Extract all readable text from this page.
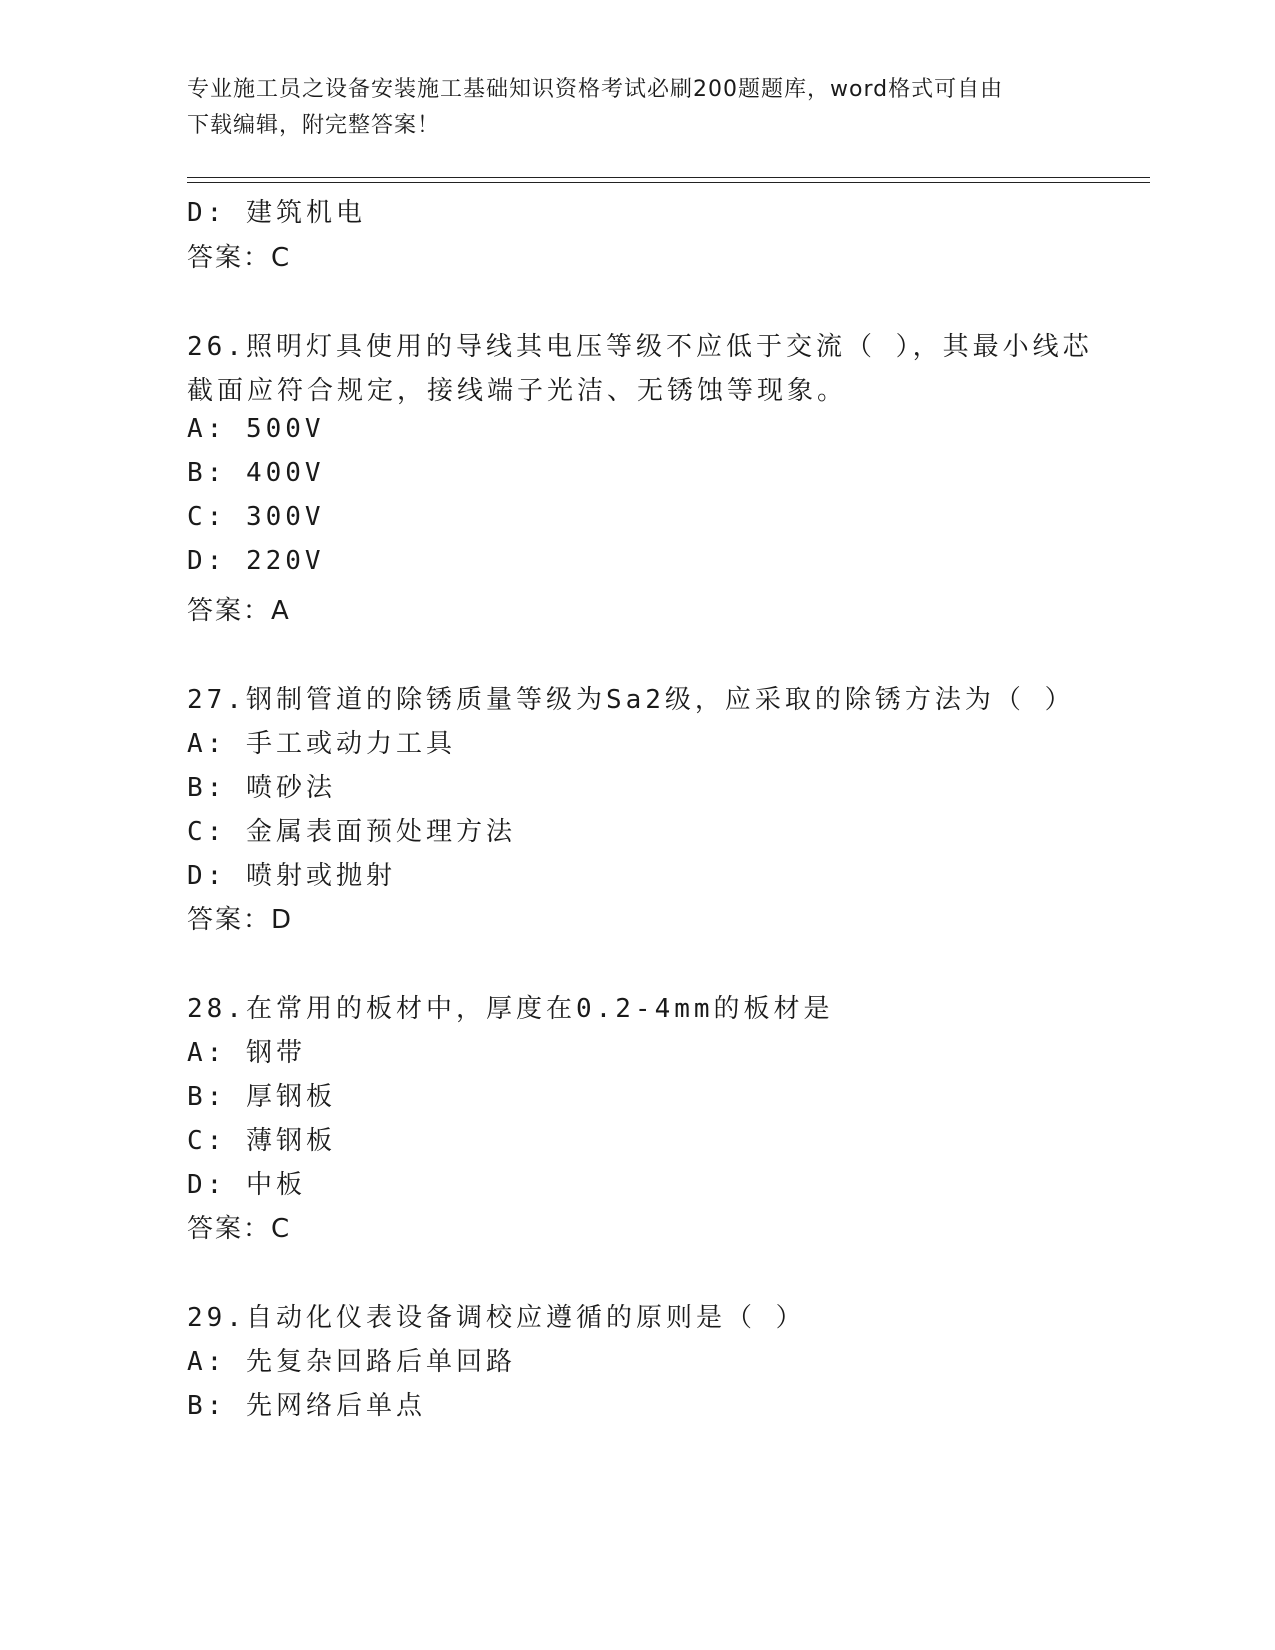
专业施工员之设备安装施工基础知识资格考试必刷200题题库，word格式可自由
下载编辑，附完整答案！
D: 建筑机电
答案：C
26.照明灯具使用的导线其电压等级不应低于交流（ ），其最小线芯
截面应符合规定，接线端子光洁、无锈蚀等现象。
A: 500V
B: 400V
C: 300V
D: 220V
答案：A
27.钢制管道的除锈质量等级为Sa2级，应采取的除锈方法为（ ）
A: 手工或动力工具
B: 喷砂法
C: 金属表面预处理方法
D: 喷射或抛射
答案：D
28.在常用的板材中，厚度在0.2-4mm的板材是
A: 钢带
B: 厚钢板
C: 薄钢板
D: 中板
答案：C
29.自动化仪表设备调校应遵循的原则是（ ）
A: 先复杂回路后单回路
B: 先网络后单点
